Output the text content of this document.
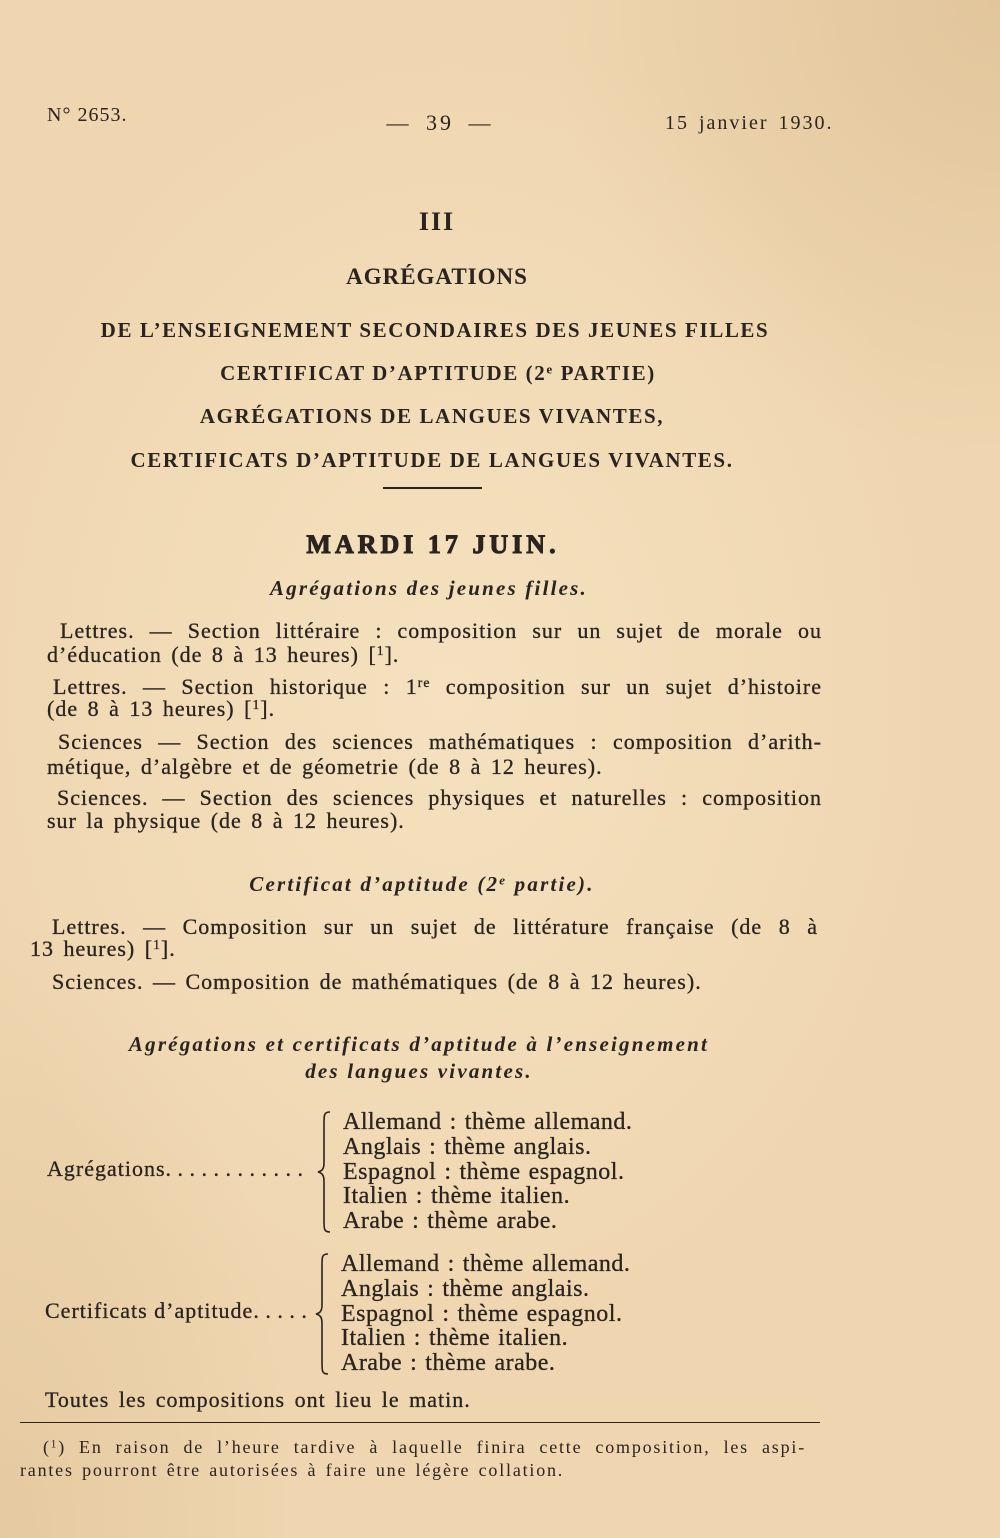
N° 2653.	— 39 —	15 janvier 1930.
III
AGRÉGATIONS
DE L’ENSEIGNEMENT SECONDAIRES DES JEUNES FILLES
CERTIFICAT D’APTITUDE (2e PARTIE)
AGRÉGATIONS DE LANGUES VIVANTES,
CERTIFICATS D’APTITUDE DE LANGUES VIVANTES.
MARDI 17 JUIN.
Agrégations des jeunes filles.
Lettres. — Section littéraire : composition sur un sujet de morale ou
d’éducation (de 8 à 13 heures) [$^1$].
Lettres. — Section historique : 1re composition sur un sujet d’histoire
(de 8 à 13 heures) [$^1$].
Sciences — Section des sciences mathématiques : composition d’arith-
métique, d’algèbre et de géometrie (de 8 à 12 heures).
Sciences. — Section des sciences physiques et naturelles : composition
sur la physique (de 8 à 12 heures).
Certificat d’aptitude (2e partie).
Lettres. — Composition sur un sujet de littérature française (de 8 à
13 heures) [$^1$].
Sciences. — Composition de mathématiques (de 8 à 12 heures).
Agrégations et certificats d’aptitude à l’enseignement
des langues vivantes.
Agrégations............
Allemand : thème allemand.
Anglais : thème anglais.
Espagnol : thème espagnol.
Italien : thème italien.
Arabe : thème arabe.
Certificats d’aptitude.....
Allemand : thème allemand.
Anglais : thème anglais.
Espagnol : thème espagnol.
Italien : thème italien.
Arabe : thème arabe.
Toutes les compositions ont lieu le matin.
($^1$) En raison de l’heure tardive à laquelle finira cette composition, les aspi-
rantes pourront être autorisées à faire une légère collation.
